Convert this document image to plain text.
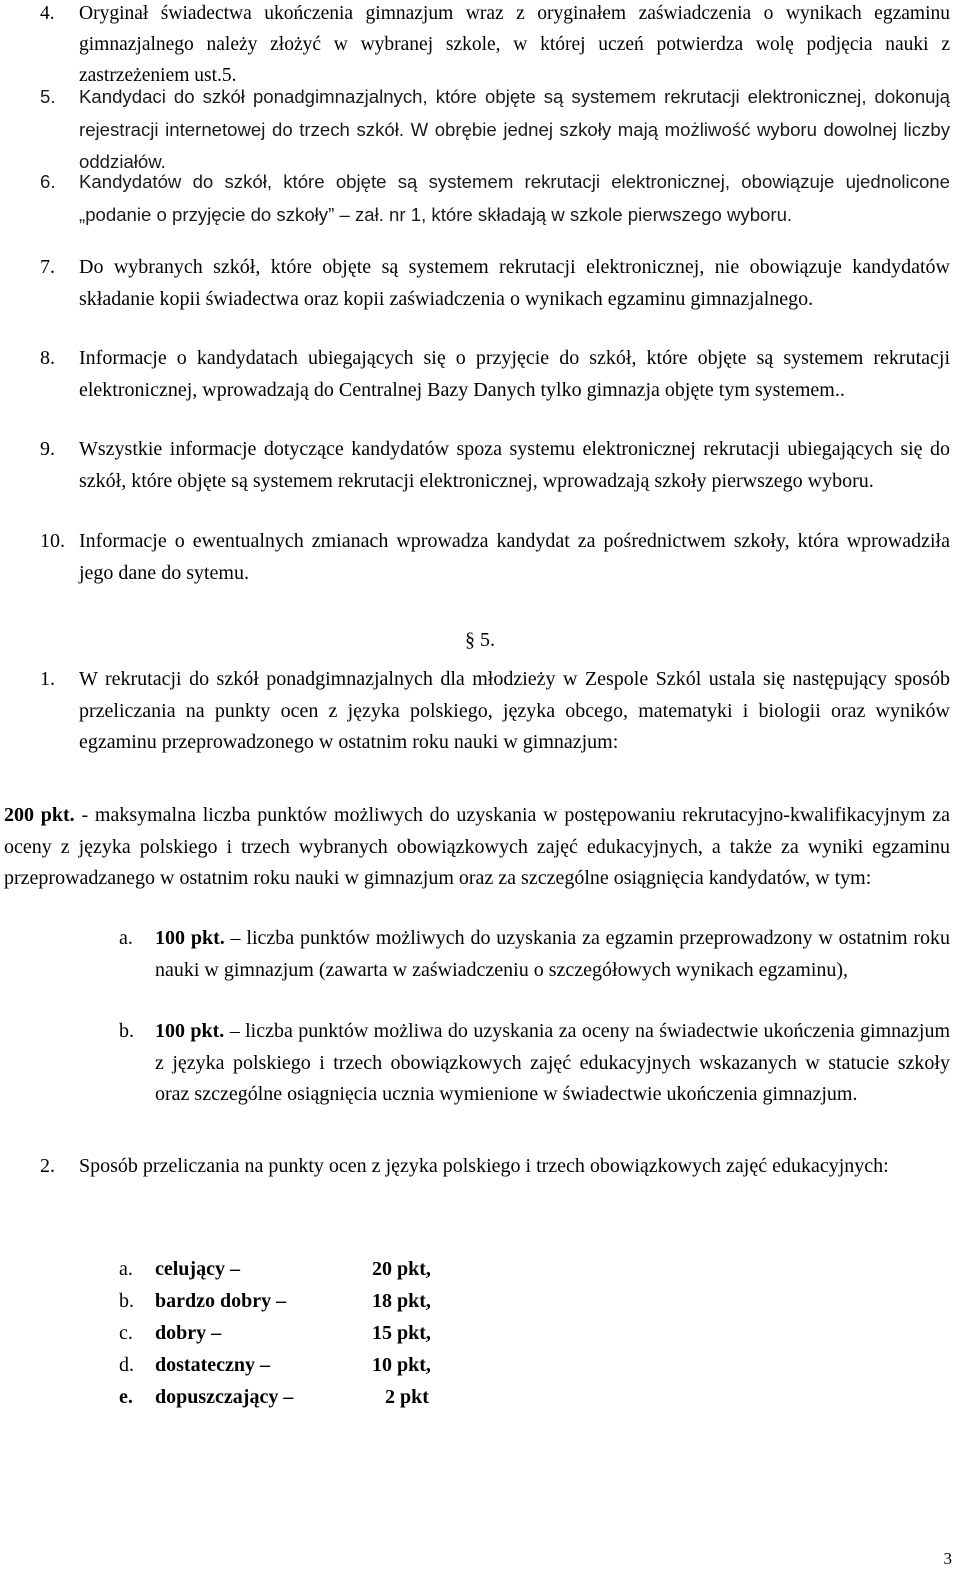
4. Oryginał świadectwa ukończenia gimnazjum wraz z oryginałem zaświadczenia o wynikach egzaminu gimnazjalnego należy złożyć w wybranej szkole, w której uczeń potwierdza wolę podjęcia nauki z zastrzeżeniem ust.5.
5. Kandydaci do szkół ponadgimnazjalnych, które objęte są systemem rekrutacji elektronicznej, dokonują rejestracji internetowej do trzech szkół. W obrębie jednej szkoły mają możliwość wyboru dowolnej liczby oddziałów.
6. Kandydatów do szkół, które objęte są systemem rekrutacji elektronicznej, obowiązuje ujednolicone „podanie o przyjęcie do szkoły” – zał. nr 1, które składają w szkole pierwszego wyboru.
7. Do wybranych szkół, które objęte są systemem rekrutacji elektronicznej, nie obowiązuje kandydatów składanie kopii świadectwa oraz kopii zaświadczenia o wynikach egzaminu gimnazjalnego.
8. Informacje o kandydatach ubiegających się o przyjęcie do szkół, które objęte są systemem rekrutacji elektronicznej, wprowadzają do Centralnej Bazy Danych tylko gimnazja objęte tym systemem..
9. Wszystkie informacje dotyczące kandydatów spoza systemu elektronicznej rekrutacji ubiegających się do szkół, które objęte są systemem rekrutacji elektronicznej, wprowadzają szkoły pierwszego wyboru.
10. Informacje o ewentualnych zmianach wprowadza kandydat za pośrednictwem szkoły, która wprowadziła jego dane do sytemu.
§ 5.
1. W rekrutacji do szkół ponadgimnazjalnych dla młodzieży w Zespole Szkól ustala się następujący sposób przeliczania na punkty ocen z języka polskiego, języka obcego, matematyki i biologii oraz wyników egzaminu przeprowadzonego w ostatnim roku nauki w gimnazjum:
200 pkt. - maksymalna liczba punktów możliwych do uzyskania w postępowaniu rekrutacyjno-kwalifikacyjnym za oceny z języka polskiego i trzech wybranych obowiązkowych zajęć edukacyjnych, a także za wyniki egzaminu przeprowadzanego w ostatnim roku nauki w gimnazjum oraz za szczególne osiągnięcia kandydatów, w tym:
a. 100 pkt. – liczba punktów możliwych do uzyskania za egzamin przeprowadzony w ostatnim roku nauki w gimnazjum (zawarta w zaświadczeniu o szczegółowych wynikach egzaminu),
b. 100 pkt. – liczba punktów możliwa do uzyskania za oceny na świadectwie ukończenia gimnazjum z języka polskiego i trzech obowiązkowych zajęć edukacyjnych wskazanych w statucie szkoły oraz szczególne osiągnięcia ucznia wymienione w świadectwie ukończenia gimnazjum.
2. Sposób przeliczania na punkty ocen z języka polskiego i trzech obowiązkowych zajęć edukacyjnych:
a. celujący –	20 pkt,
b. bardzo dobry –	18 pkt,
c. dobry –	15 pkt,
d. dostateczny –	10 pkt,
e. dopuszczający –	2 pkt
3
